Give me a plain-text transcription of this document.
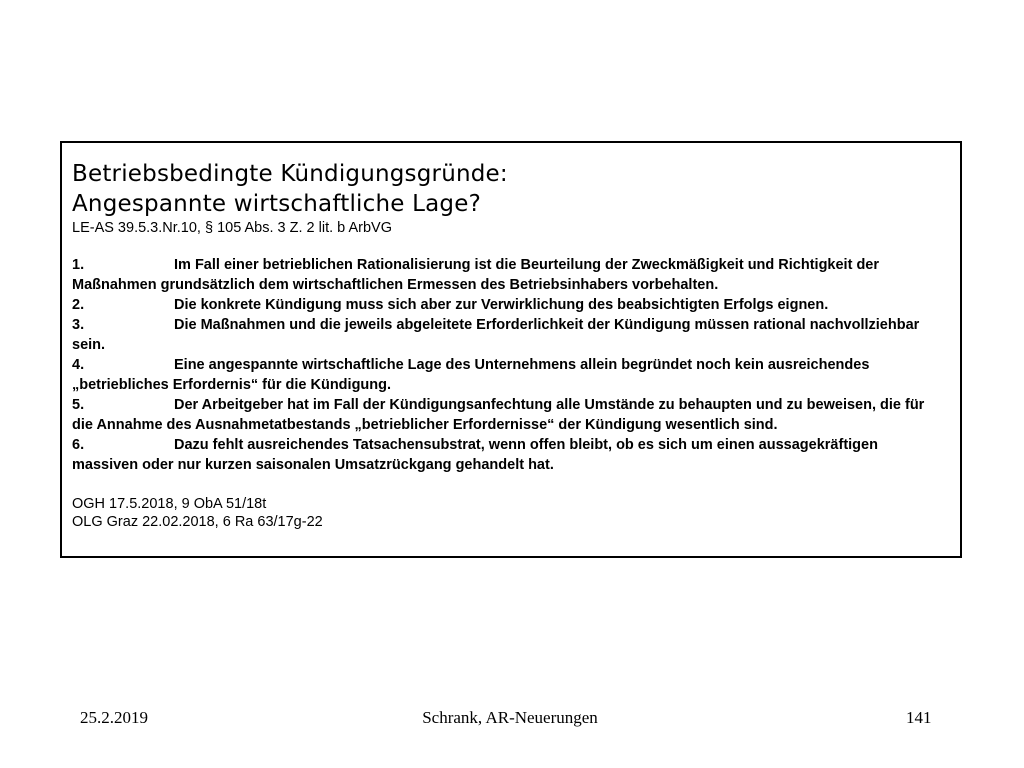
Betriebsbedingte Kündigungsgründe:
Angespannte wirtschaftliche Lage?
LE-AS 39.5.3.Nr.10, § 105 Abs. 3 Z. 2 lit. b ArbVG

1.	Im Fall einer betrieblichen Rationalisierung ist die Beurteilung der Zweckmäßigkeit und Richtigkeit der Maßnahmen grundsätzlich dem wirtschaftlichen Ermessen des Betriebsinhabers vorbehalten.

2.	Die konkrete Kündigung muss sich aber zur Verwirklichung des beabsichtigten Erfolgs eignen.

3.	Die Maßnahmen und die jeweils abgeleitete Erforderlichkeit der Kündigung müssen rational nachvollziehbar sein.

4.	Eine angespannte wirtschaftliche Lage des Unternehmens allein begründet noch kein ausreichendes „betriebliches Erfordernis“ für die Kündigung.

5.	Der Arbeitgeber hat im Fall der Kündigungsanfechtung alle Umstände zu behaupten und zu beweisen, die für die Annahme des Ausnahmetatbestands „betrieblicher Erfordernisse“ der Kündigung wesentlich sind.

6.	Dazu fehlt ausreichendes Tatsachensubstrat, wenn offen bleibt, ob es sich um einen aussagekräftigen massiven oder nur kurzen saisonalen Umsatzrückgang gehandelt hat.

OGH 17.5.2018, 9 ObA 51/18t
OLG Graz 22.02.2018, 6 Ra 63/17g-22
25.2.2019	Schrank, AR-Neuerungen	141
